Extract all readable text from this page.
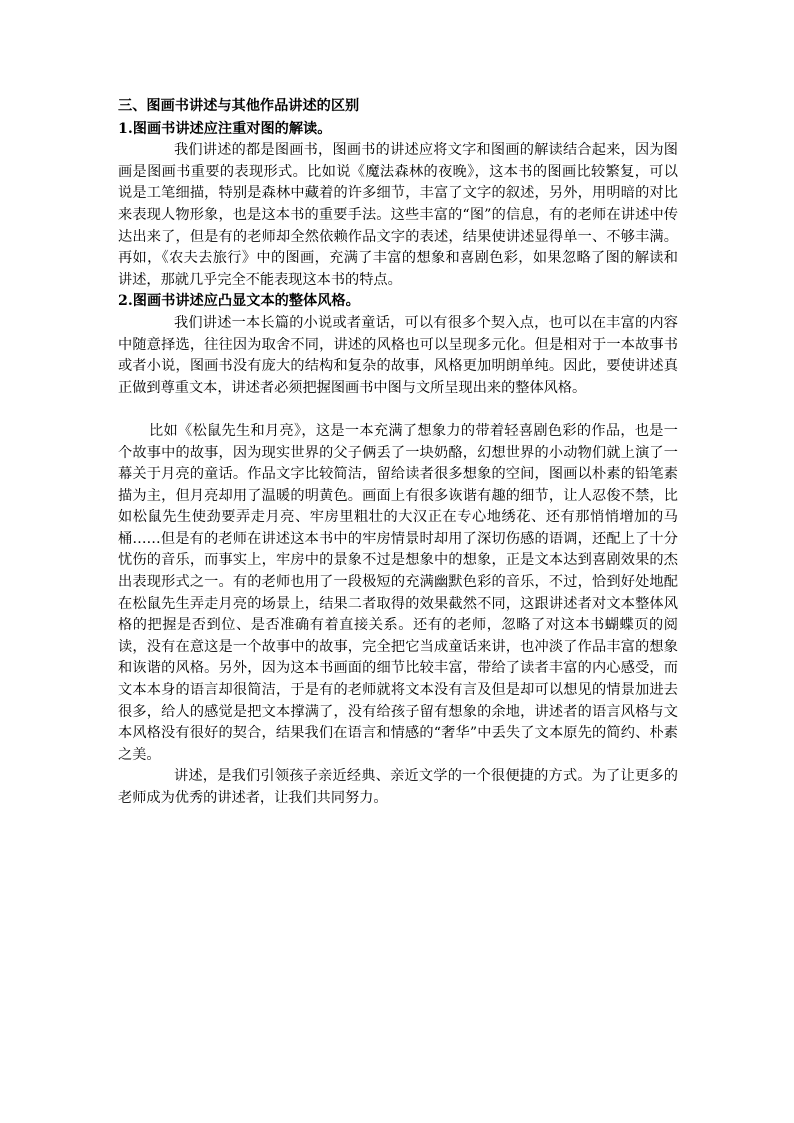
三、图画书讲述与其他作品讲述的区别

1.图画书讲述应注重对图的解读。

我们讲述的都是图画书，图画书的讲述应将文字和图画的解读结合起来，因为图画是图画书重要的表现形式。比如说《魔法森林的夜晚》，这本书的图画比较繁复，可以说是工笔细描，特别是森林中藏着的许多细节，丰富了文字的叙述，另外，用明暗的对比来表现人物形象，也是这本书的重要手法。这些丰富的“图”的信息，有的老师在讲述中传达出来了，但是有的老师却全然依赖作品文字的表述，结果使讲述显得单一、不够丰满。再如，《农夫去旅行》中的图画，充满了丰富的想象和喜剧色彩，如果忽略了图的解读和讲述，那就几乎完全不能表现这本书的特点。

2.图画书讲述应凸显文本的整体风格。

我们讲述一本长篇的小说或者童话，可以有很多个契入点，也可以在丰富的内容中随意择选，往往因为取舍不同，讲述的风格也可以呈现多元化。但是相对于一本故事书或者小说，图画书没有庞大的结构和复杂的故事，风格更加明朗单纯。因此，要使讲述真正做到尊重文本，讲述者必须把握图画书中图与文所呈现出来的整体风格。

比如《松鼠先生和月亮》，这是一本充满了想象力的带着轻喜剧色彩的作品，也是一个故事中的故事，因为现实世界的父子俩丢了一块奶酪，幻想世界的小动物们就上演了一幕关于月亮的童话。作品文字比较简洁，留给读者很多想象的空间，图画以朴素的铅笔素描为主，但月亮却用了温暖的明黄色。画面上有很多诙谐有趣的细节，让人忍俊不禁，比如松鼠先生使劲要弄走月亮、牢房里粗壮的大汉正在专心地绣花、还有那悄悄增加的马桶……但是有的老师在讲述这本书中的牢房情景时却用了深切伤感的语调，还配上了十分忧伤的音乐，而事实上，牢房中的景象不过是想象中的想象，正是文本达到喜剧效果的杰出表现形式之一。有的老师也用了一段极短的充满幽默色彩的音乐，不过，恰到好处地配在松鼠先生弄走月亮的场景上，结果二者取得的效果截然不同，这跟讲述者对文本整体风格的把握是否到位、是否准确有着直接关系。还有的老师，忽略了对这本书蝴蝶页的阅读，没有在意这是一个故事中的故事，完全把它当成童话来讲，也冲淡了作品丰富的想象和诙谐的风格。另外，因为这本书画面的细节比较丰富，带给了读者丰富的内心感受，而文本本身的语言却很简洁，于是有的老师就将文本没有言及但是却可以想见的情景加进去很多，给人的感觉是把文本撑满了，没有给孩子留有想象的余地，讲述者的语言风格与文本风格没有很好的契合，结果我们在语言和情感的“奢华”中丢失了文本原先的简约、朴素之美。

讲述，是我们引领孩子亲近经典、亲近文学的一个很便捷的方式。为了让更多的老师成为优秀的讲述者，让我们共同努力。
